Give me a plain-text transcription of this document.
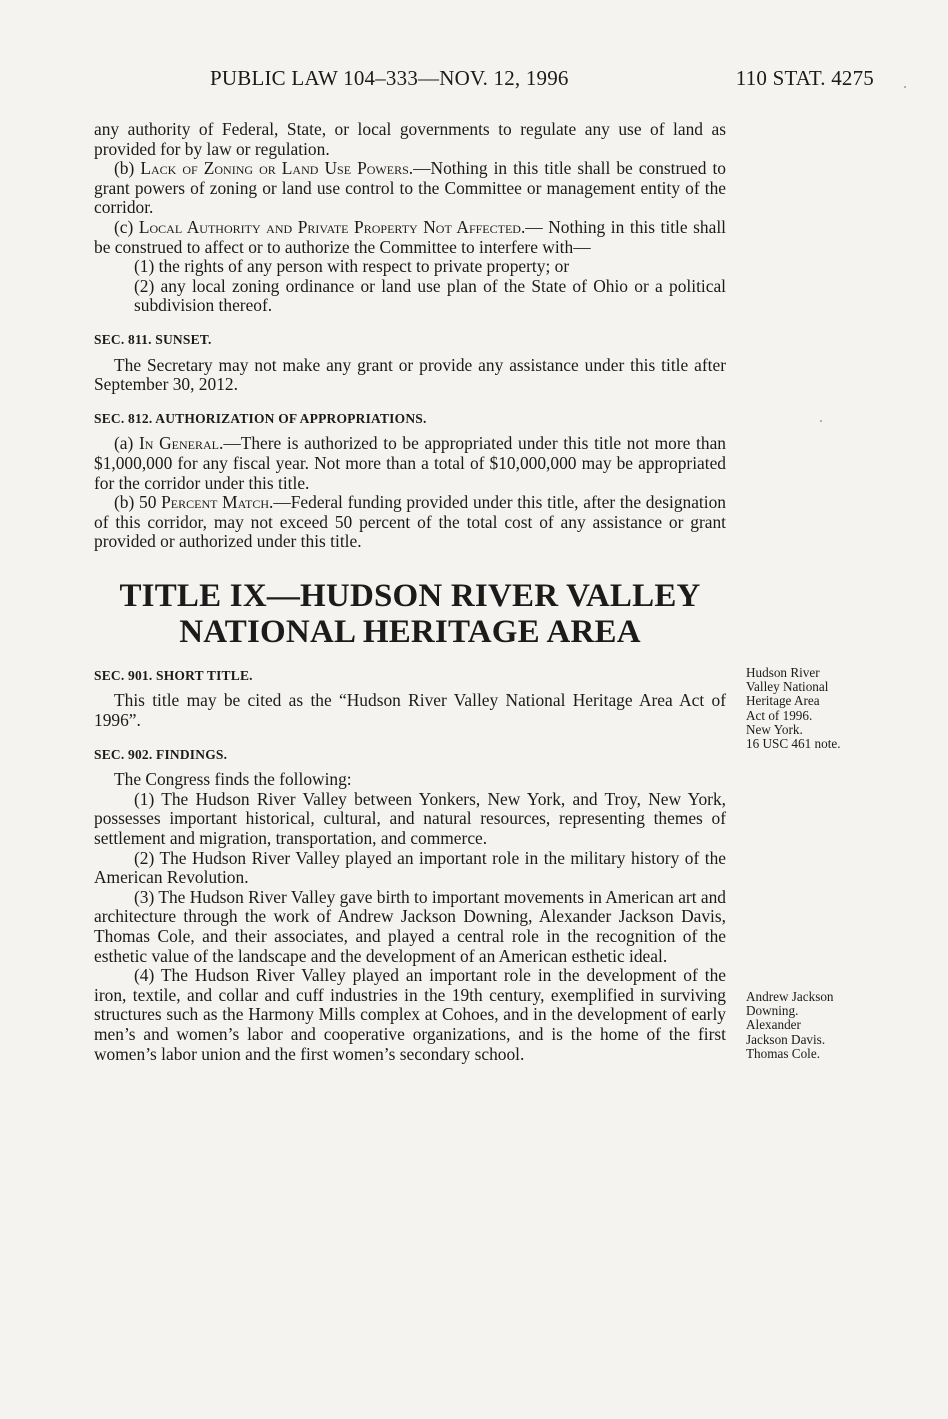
PUBLIC LAW 104–333—NOV. 12, 1996	110 STAT. 4275

any authority of Federal, State, or local governments to regulate any use of land as provided for by law or regulation.

(b) Lack of Zoning or Land Use Powers.—Nothing in this title shall be construed to grant powers of zoning or land use control to the Committee or management entity of the corridor.

(c) Local Authority and Private Property Not Affected.— Nothing in this title shall be construed to affect or to authorize the Committee to interfere with—

(1) the rights of any person with respect to private property; or

(2) any local zoning ordinance or land use plan of the State of Ohio or a political subdivision thereof.

SEC. 811. SUNSET.

The Secretary may not make any grant or provide any assistance under this title after September 30, 2012.

SEC. 812. AUTHORIZATION OF APPROPRIATIONS.

(a) In General.—There is authorized to be appropriated under this title not more than $1,000,000 for any fiscal year. Not more than a total of $10,000,000 may be appropriated for the corridor under this title.

(b) 50 Percent Match.—Federal funding provided under this title, after the designation of this corridor, may not exceed 50 percent of the total cost of any assistance or grant provided or authorized under this title.

TITLE IX—HUDSON RIVER VALLEY
NATIONAL HERITAGE AREA

SEC. 901. SHORT TITLE.

This title may be cited as the “Hudson River Valley National Heritage Area Act of 1996”.

SEC. 902. FINDINGS.

The Congress finds the following:

(1) The Hudson River Valley between Yonkers, New York, and Troy, New York, possesses important historical, cultural, and natural resources, representing themes of settlement and migration, transportation, and commerce.

(2) The Hudson River Valley played an important role in the military history of the American Revolution.

(3) The Hudson River Valley gave birth to important movements in American art and architecture through the work of Andrew Jackson Downing, Alexander Jackson Davis, Thomas Cole, and their associates, and played a central role in the recognition of the esthetic value of the landscape and the development of an American esthetic ideal.

(4) The Hudson River Valley played an important role in the development of the iron, textile, and collar and cuff industries in the 19th century, exemplified in surviving structures such as the Harmony Mills complex at Cohoes, and in the development of early men’s and women’s labor and cooperative organizations, and is the home of the first women’s labor union and the first women’s secondary school.

Hudson River
Valley National
Heritage Area
Act of 1996.
New York.
16 USC 461 note.
Andrew Jackson
Downing.
Alexander
Jackson Davis.
Thomas Cole.
